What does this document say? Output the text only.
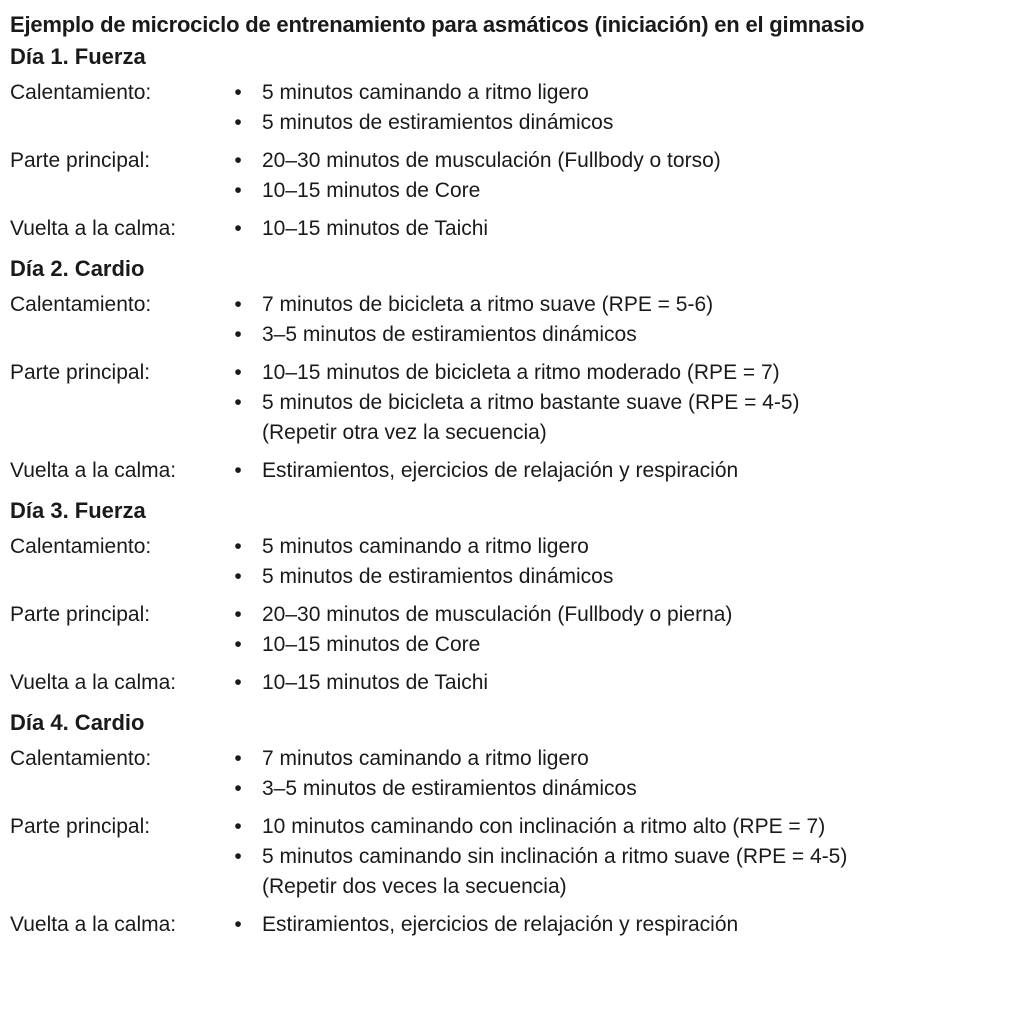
Ejemplo de microciclo de entrenamiento para asmáticos (iniciación) en el gimnasio
Día 1. Fuerza
Calentamiento:	• 5 minutos caminando a ritmo ligero
• 5 minutos de estiramientos dinámicos
Parte principal:	• 20–30 minutos de musculación (Fullbody o torso)
• 10–15 minutos de Core
Vuelta a la calma:	• 10–15 minutos de Taichi
Día 2. Cardio
Calentamiento:	• 7 minutos de bicicleta a ritmo suave (RPE = 5-6)
• 3–5 minutos de estiramientos dinámicos
Parte principal:	• 10–15 minutos de bicicleta a ritmo moderado (RPE = 7)
• 5 minutos de bicicleta a ritmo bastante suave (RPE = 4-5)
(Repetir otra vez la secuencia)
Vuelta a la calma:	• Estiramientos, ejercicios de relajación y respiración
Día 3. Fuerza
Calentamiento:	• 5 minutos caminando a ritmo ligero
• 5 minutos de estiramientos dinámicos
Parte principal:	• 20–30 minutos de musculación (Fullbody o pierna)
• 10–15 minutos de Core
Vuelta a la calma:	• 10–15 minutos de Taichi
Día 4. Cardio
Calentamiento:	• 7 minutos caminando a ritmo ligero
• 3–5 minutos de estiramientos dinámicos
Parte principal:	• 10 minutos caminando con inclinación a ritmo alto (RPE = 7)
• 5 minutos caminando sin inclinación a ritmo suave (RPE = 4-5)
(Repetir dos veces la secuencia)
Vuelta a la calma:	• Estiramientos, ejercicios de relajación y respiración
